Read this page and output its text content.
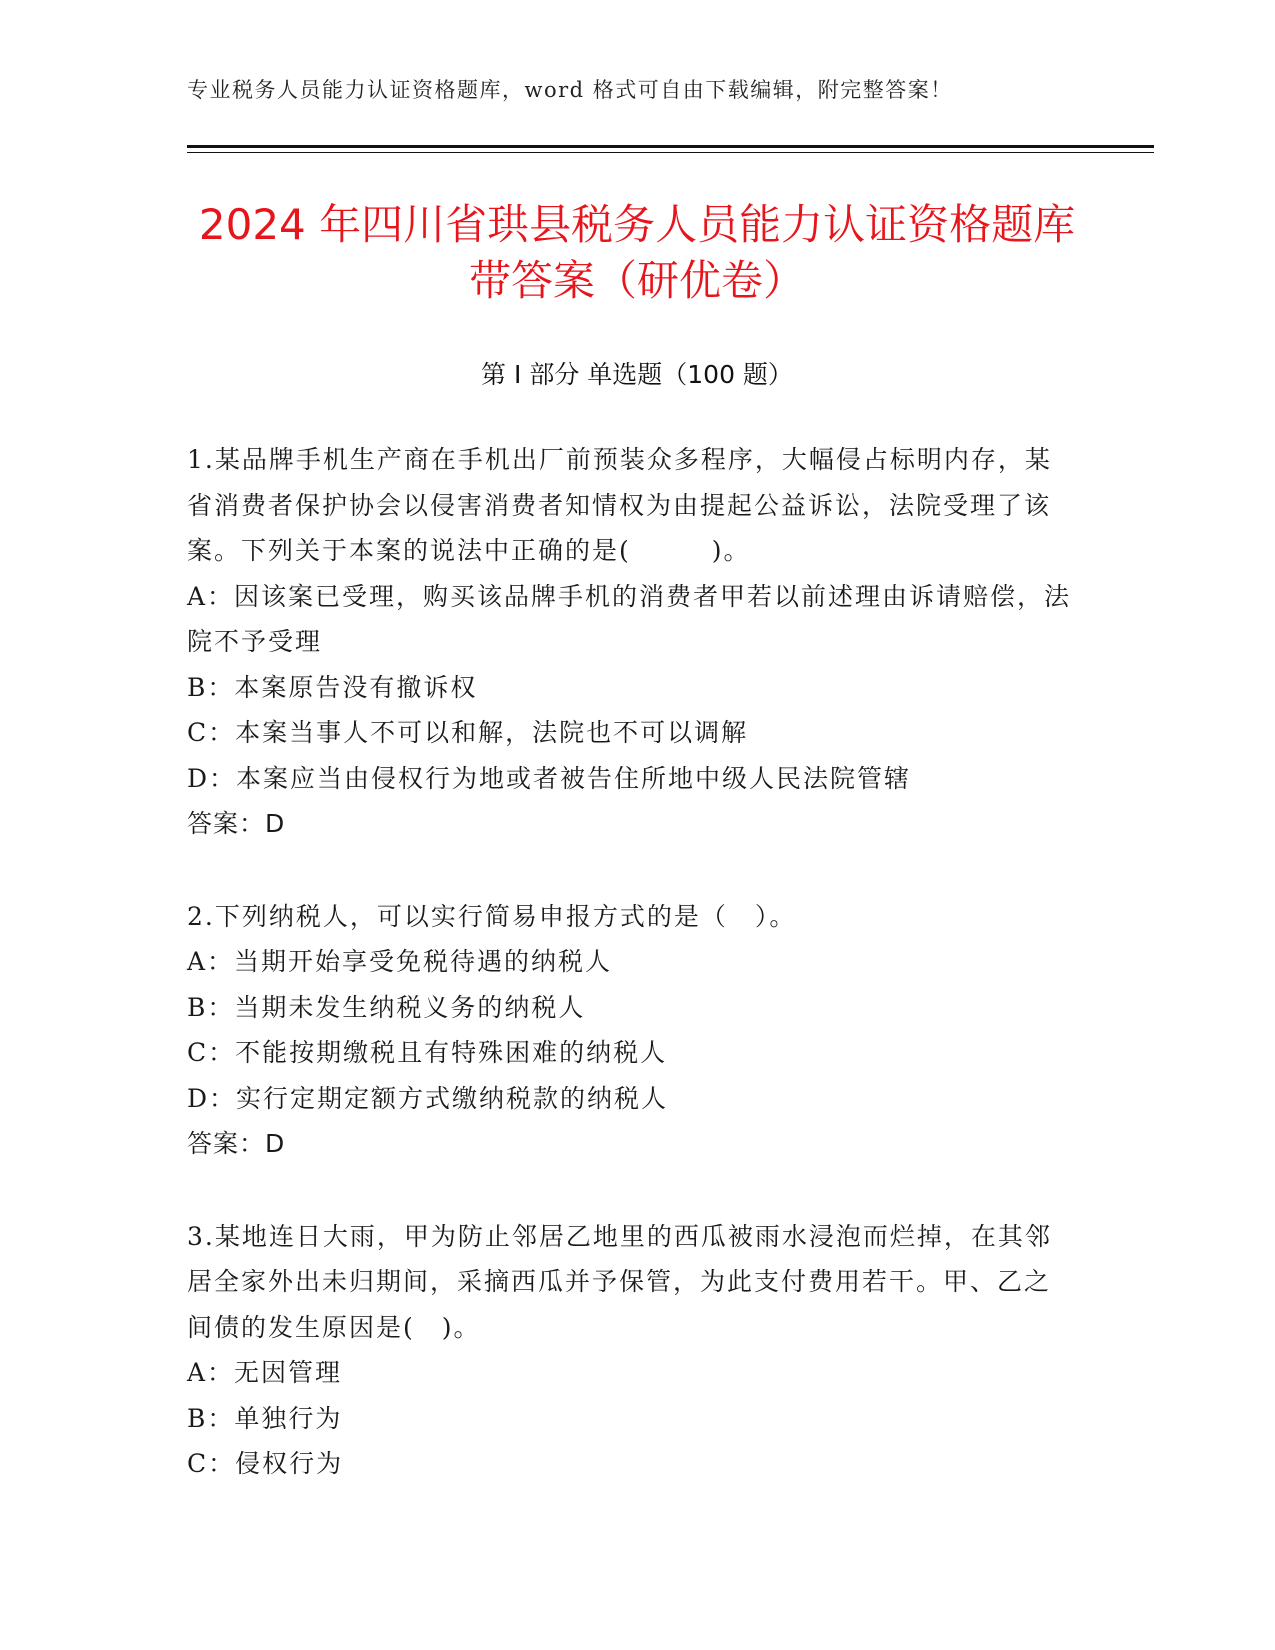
专业税务人员能力认证资格题库，word 格式可自由下载编辑，附完整答案！
2024 年四川省珙县税务人员能力认证资格题库带答案（研优卷）
第 I 部分 单选题（100 题）

1.某品牌手机生产商在手机出厂前预装众多程序，大幅侵占标明内存，某省消费者保护协会以侵害消费者知情权为由提起公益诉讼，法院受理了该案。下列关于本案的说法中正确的是(　　　)。

A：因该案已受理，购买该品牌手机的消费者甲若以前述理由诉请赔偿，法院不予受理

B：本案原告没有撤诉权

C：本案当事人不可以和解，法院也不可以调解

D：本案应当由侵权行为地或者被告住所地中级人民法院管辖

答案：D

2.下列纳税人，可以实行简易申报方式的是（　）。

A：当期开始享受免税待遇的纳税人

B：当期未发生纳税义务的纳税人

C：不能按期缴税且有特殊困难的纳税人

D：实行定期定额方式缴纳税款的纳税人

答案：D

3.某地连日大雨，甲为防止邻居乙地里的西瓜被雨水浸泡而烂掉，在其邻居全家外出未归期间，采摘西瓜并予保管，为此支付费用若干。甲、乙之间债的发生原因是(　)。

A：无因管理

B：单独行为

C：侵权行为
